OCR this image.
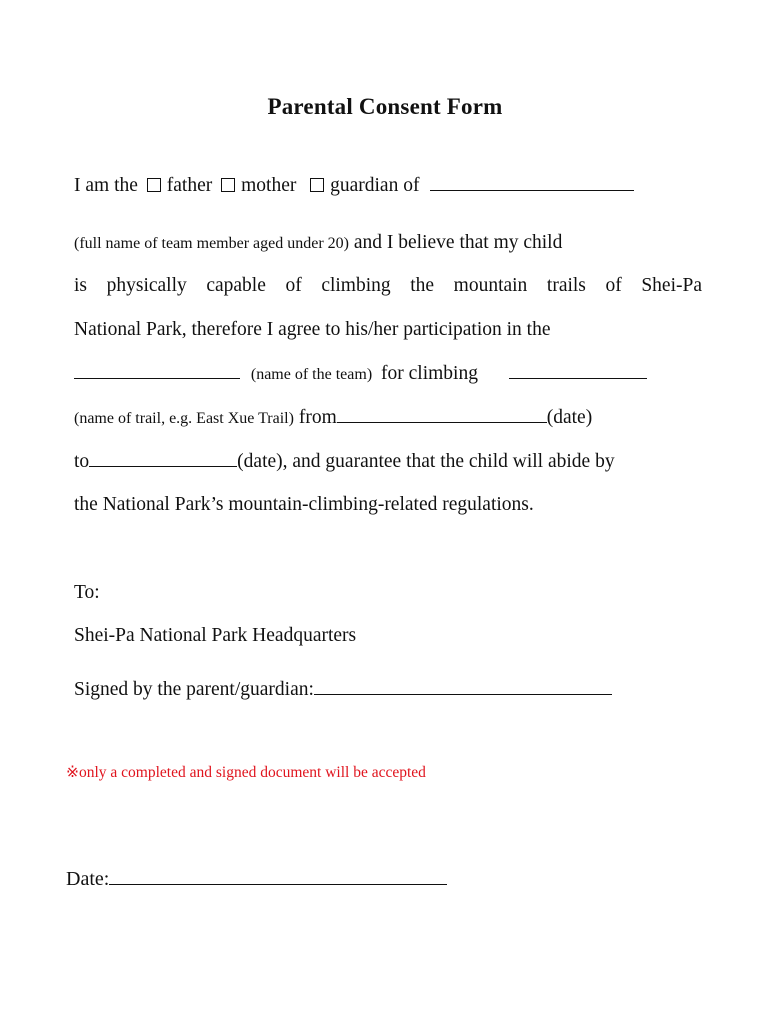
Parental Consent Form
I am the father mother guardian of
(full name of team member aged under 20) and I believe that my child
is physically capable of climbing the mountain trails of Shei-Pa
National Park, therefore I agree to his/her participation in the
(name of the team) for climbing
(name of trail, e.g. East Xue Trail) from	(date)
to	(date), and guarantee that the child will abide by
the National Park’s mountain-climbing-related regulations.
To:
Shei-Pa National Park Headquarters
Signed by the parent/guardian:
※only a completed and signed document will be accepted
Date:
